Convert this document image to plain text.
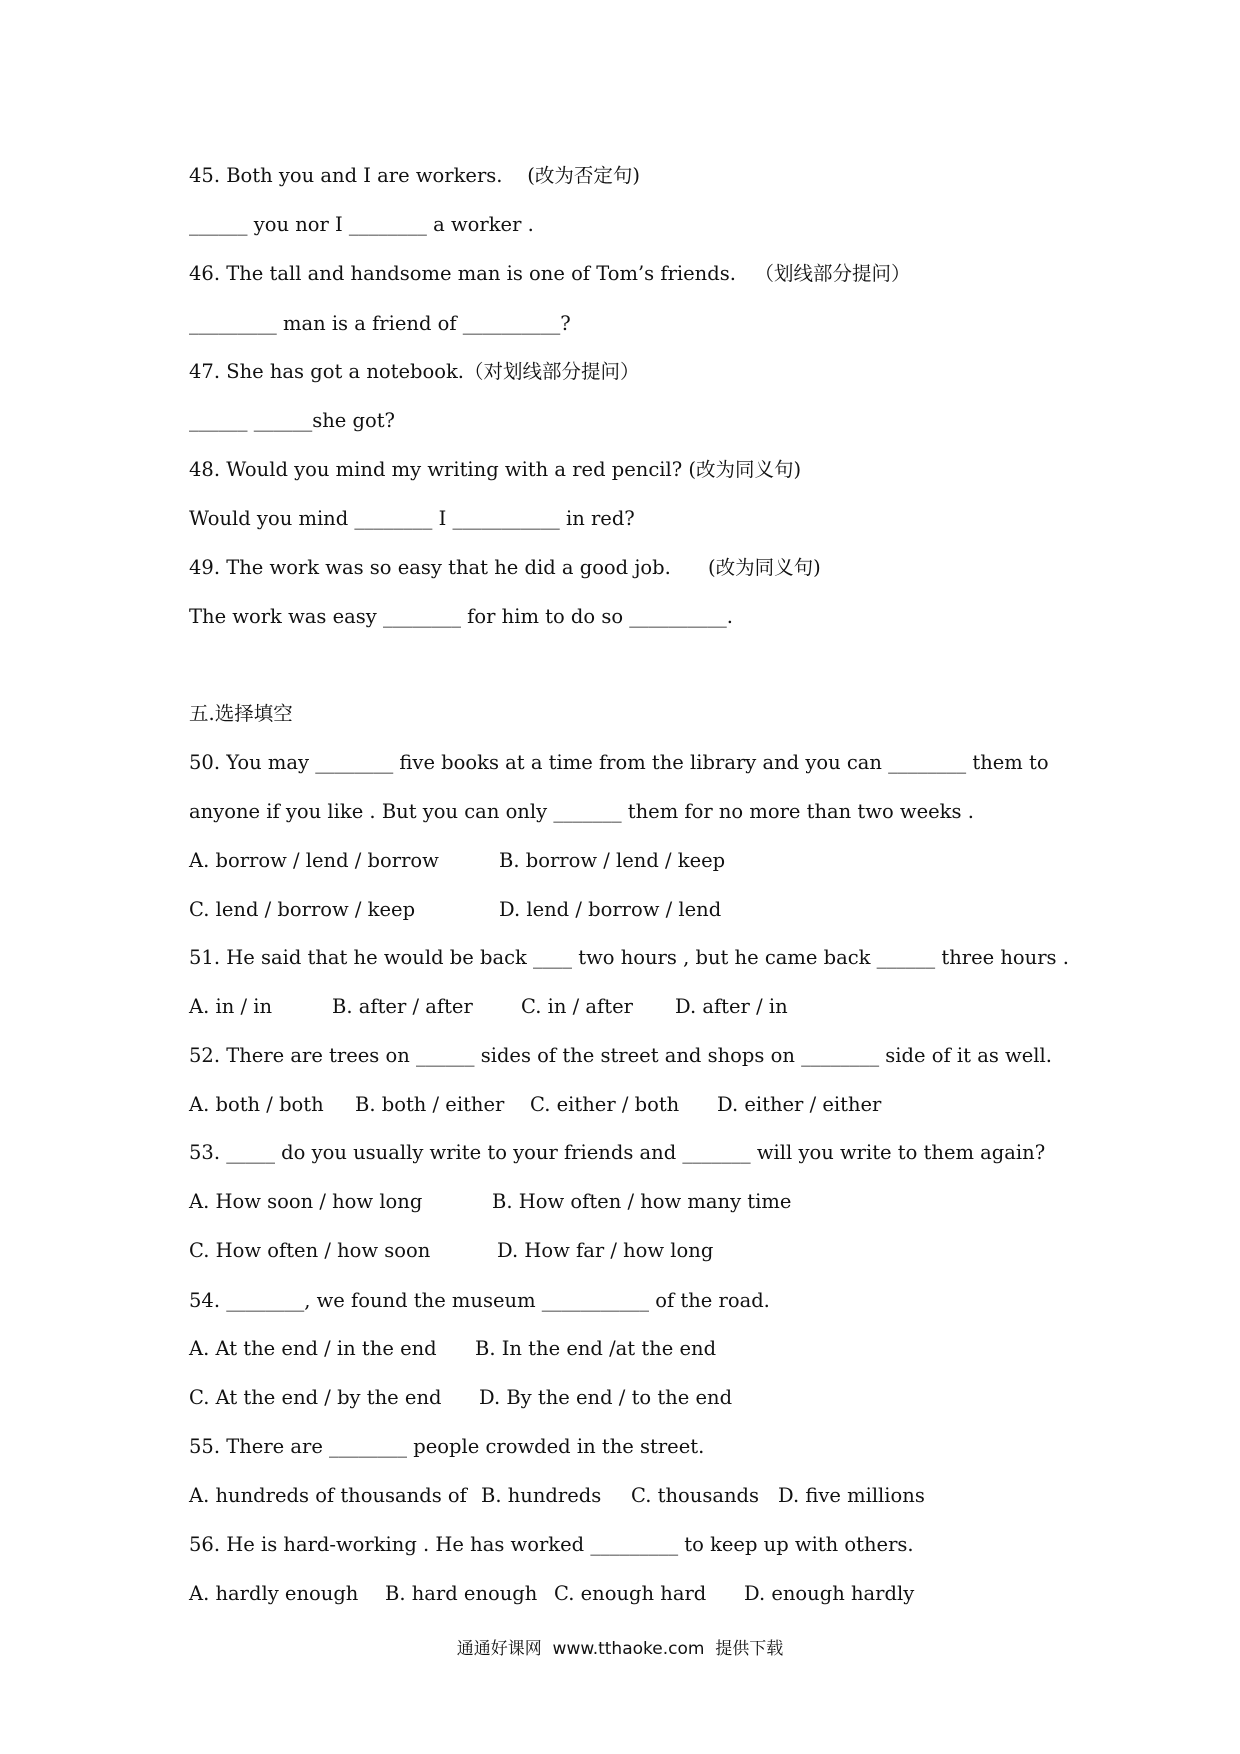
45. Both you and I are workers.    (改为否定句)

______ you nor I ________ a worker .

46. The tall and handsome man is one of Tom’s friends.   （划线部分提问）

_________ man is a friend of __________?

47. She has got a notebook.（对划线部分提问）

______ ______she got?

48. Would you mind my writing with a red pencil? (改为同义句)

Would you mind ________ I ___________ in red?

49. The work was so easy that he did a good job.      (改为同义句)

The work was easy ________ for him to do so __________.

五.选择填空

50. You may ________ five books at a time from the library and you can ________ them to

anyone if you like . But you can only _______ them for no more than two weeks .

A. borrow / lend / borrow	B. borrow / lend / keep

C. lend / borrow / keep	D. lend / borrow / lend

51. He said that he would be back ____ two hours , but he came back ______ three hours .

A. in / in	B. after / after C. in / after D. after / in

52. There are trees on ______ sides of the street and shops on ________ side of it as well.

A. both / both B. both / either C. either / both D. either / either

53. _____ do you usually write to your friends and _______ will you write to them again?

A. How soon / how long	B. How often / how many time

C. How often / how soon	D. How far / how long

54. ________, we found the museum ___________ of the road.

A. At the end / in the end B. In the end /at the end

C. At the end / by the end D. By the end / to the end

55. There are ________ people crowded in the street.

A. hundreds of thousands of B. hundreds C. thousands D. five millions

56. He is hard-working . He has worked _________ to keep up with others.

A. hardly enough B. hard enough C. enough hard D. enough hardly

通通好课网  www.tthaoke.com  提供下载
